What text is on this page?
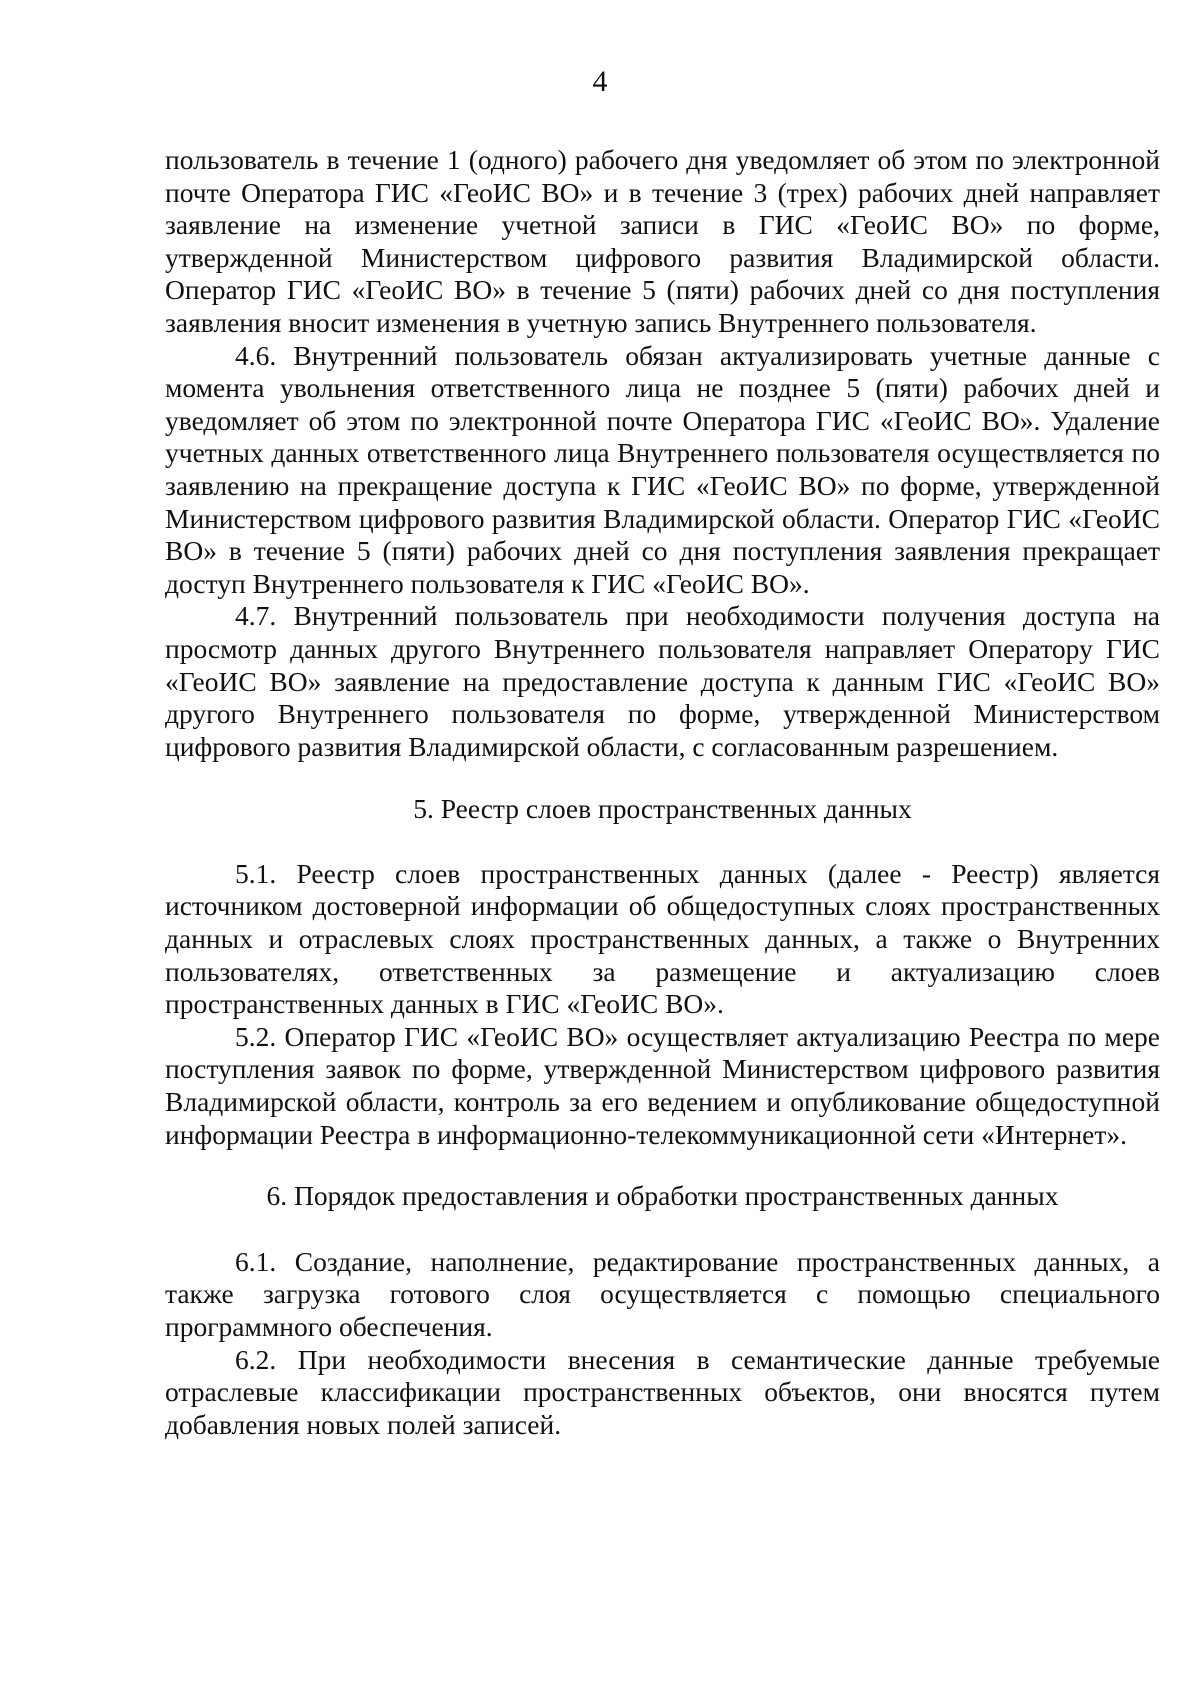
4

пользователь в течение 1 (одного) рабочего дня уведомляет об этом по электронной почте Оператора ГИС «ГеоИС ВО» и в течение 3 (трех) рабочих дней направляет заявление на изменение учетной записи в ГИС «ГеоИС ВО» по форме, утвержденной Министерством цифрового развития Владимирской области. Оператор ГИС «ГеоИС ВО» в течение 5 (пяти) рабочих дней со дня поступления заявления вносит изменения в учетную запись Внутреннего пользователя.

4.6. Внутренний пользователь обязан актуализировать учетные данные с момента увольнения ответственного лица не позднее 5 (пяти) рабочих дней и уведомляет об этом по электронной почте Оператора ГИС «ГеоИС ВО». Удаление учетных данных ответственного лица Внутреннего пользователя осуществляется по заявлению на прекращение доступа к ГИС «ГеоИС ВО» по форме, утвержденной Министерством цифрового развития Владимирской области. Оператор ГИС «ГеоИС ВО» в течение 5 (пяти) рабочих дней со дня поступления заявления прекращает доступ Внутреннего пользователя к ГИС «ГеоИС ВО».

4.7. Внутренний пользователь при необходимости получения доступа на просмотр данных другого Внутреннего пользователя направляет Оператору ГИС «ГеоИС ВО» заявление на предоставление доступа к данным ГИС «ГеоИС ВО» другого Внутреннего пользователя по форме, утвержденной Министерством цифрового развития Владимирской области, с согласованным разрешением.

5. Реестр слоев пространственных данных

5.1. Реестр слоев пространственных данных (далее - Реестр) является источником достоверной информации об общедоступных слоях пространственных данных и отраслевых слоях пространственных данных, а также о Внутренних пользователях, ответственных за размещение и актуализацию слоев пространственных данных в ГИС «ГеоИС ВО».

5.2. Оператор ГИС «ГеоИС ВО» осуществляет актуализацию Реестра по мере поступления заявок по форме, утвержденной Министерством цифрового развития Владимирской области, контроль за его ведением и опубликование общедоступной информации Реестра в информационно-телекоммуникационной сети «Интернет».

6. Порядок предоставления и обработки пространственных данных

6.1. Создание, наполнение, редактирование пространственных данных, а также загрузка готового слоя осуществляется с помощью специального программного обеспечения.

6.2. При необходимости внесения в семантические данные требуемые отраслевые классификации пространственных объектов, они вносятся путем добавления новых полей записей.
